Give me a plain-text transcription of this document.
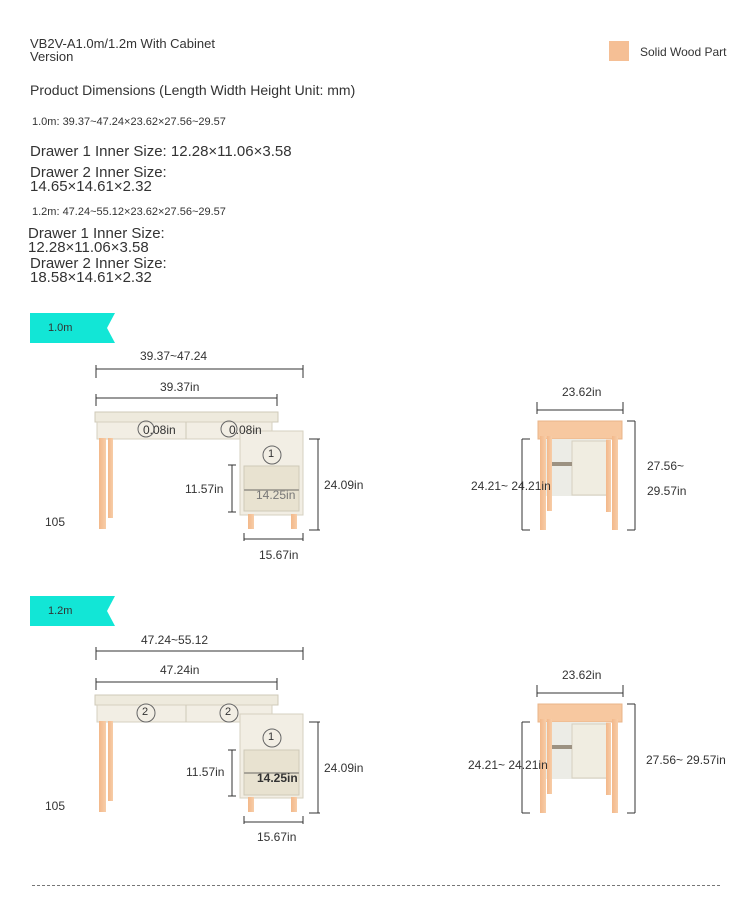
VB2V-A1.0m/1.2m With Cabinet Version	Solid Wood Part
Product Dimensions (Length Width Height Unit: mm)
1.0m: 39.37~47.24×23.62×27.56~29.57
Drawer 1 Inner Size: 12.28×11.06×3.58
Drawer 2 Inner Size:
14.65×14.61×2.32
1.2m: 47.24~55.12×23.62×27.56~29.57
Drawer 1 Inner Size:
12.28×11.06×3.58
Drawer 2 Inner Size:
18.58×14.61×2.32
1.0m
1.2m
39.37~47.24
39.37in
0.08in	0.08in
1
11.57in	14.25in
24.09in
15.67in
105
23.62in
24.21~ 24.21in
27.56~
29.57in
47.24~55.12
47.24in
2	2
1
11.57in	14.25in
24.09in
15.67in
105
23.62in
24.21~ 24.21in	27.56~ 29.57in
